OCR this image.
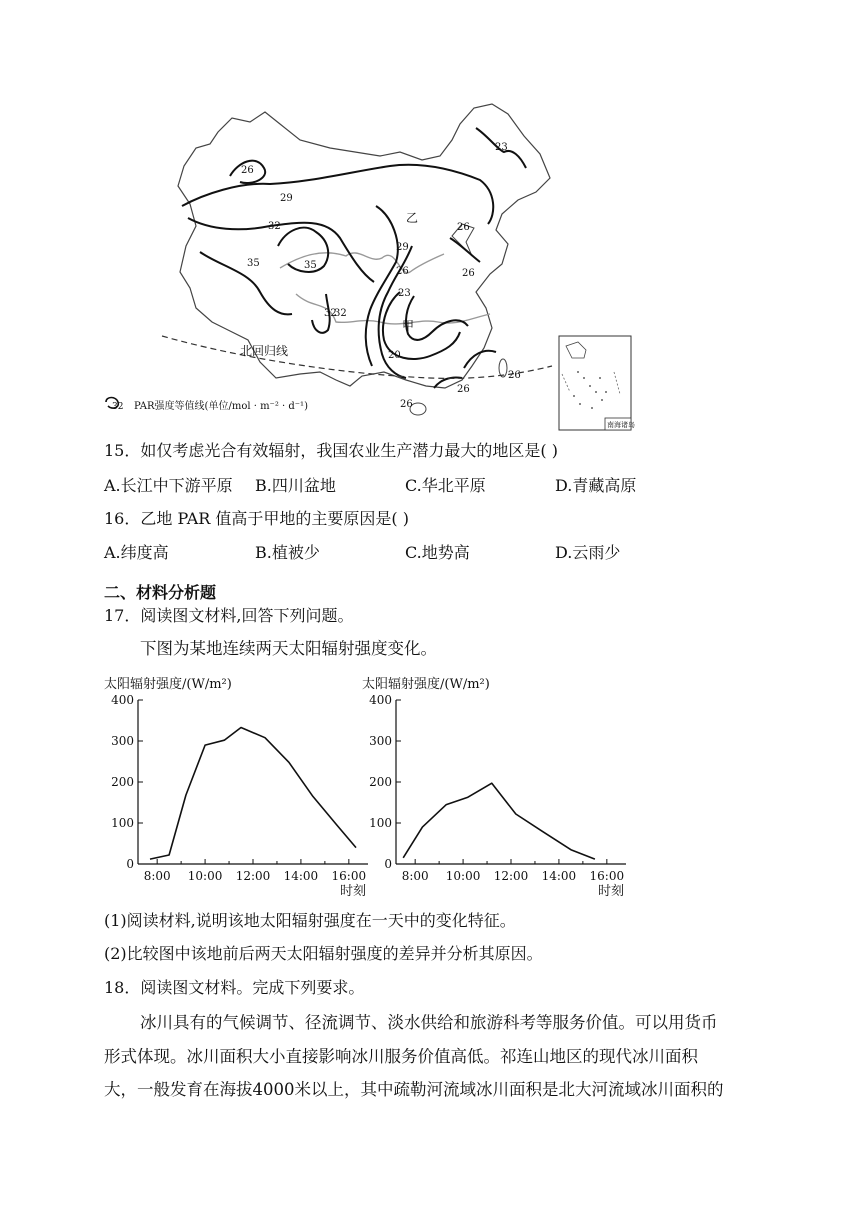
北回归线
23
26
29
32
35	35
32
29
26
26
26
23
32
20
26
26
26
乙
甲
32 PAR强度等值线(单位/mol · m⁻² · d⁻¹)
南海诸岛
15．如仅考虑光合有效辐射，我国农业生产潜力最大的地区是( )
A.长江中下游平原 B.四川盆地	C.华北平原	D.青藏高原
16．乙地 PAR 值高于甲地的主要原因是( )
A.纬度高	B.植被少	C.地势高	D.云雨少
二、材料分析题
17．阅读图文材料,回答下列问题。
下图为某地连续两天太阳辐射强度变化。
太阳辐射强度/(W/m²)
400
300
200
100
0
8:00 10:00 12:00 14:00 16:00
时刻
太阳辐射强度/(W/m²)
400
300
200
100
0
8:00 10:00 12:00 14:00 16:00
时刻
(1)阅读材料,说明该地太阳辐射强度在一天中的变化特征。
(2)比较图中该地前后两天太阳辐射强度的差异并分析其原因。
18．阅读图文材料。完成下列要求。
冰川具有的气候调节、径流调节、淡水供给和旅游科考等服务价值。可以用货币
形式体现。冰川面积大小直接影响冰川服务价值高低。祁连山地区的现代冰川面积
大，一般发育在海拔4000米以上，其中疏勒河流域冰川面积是北大河流域冰川面积的
